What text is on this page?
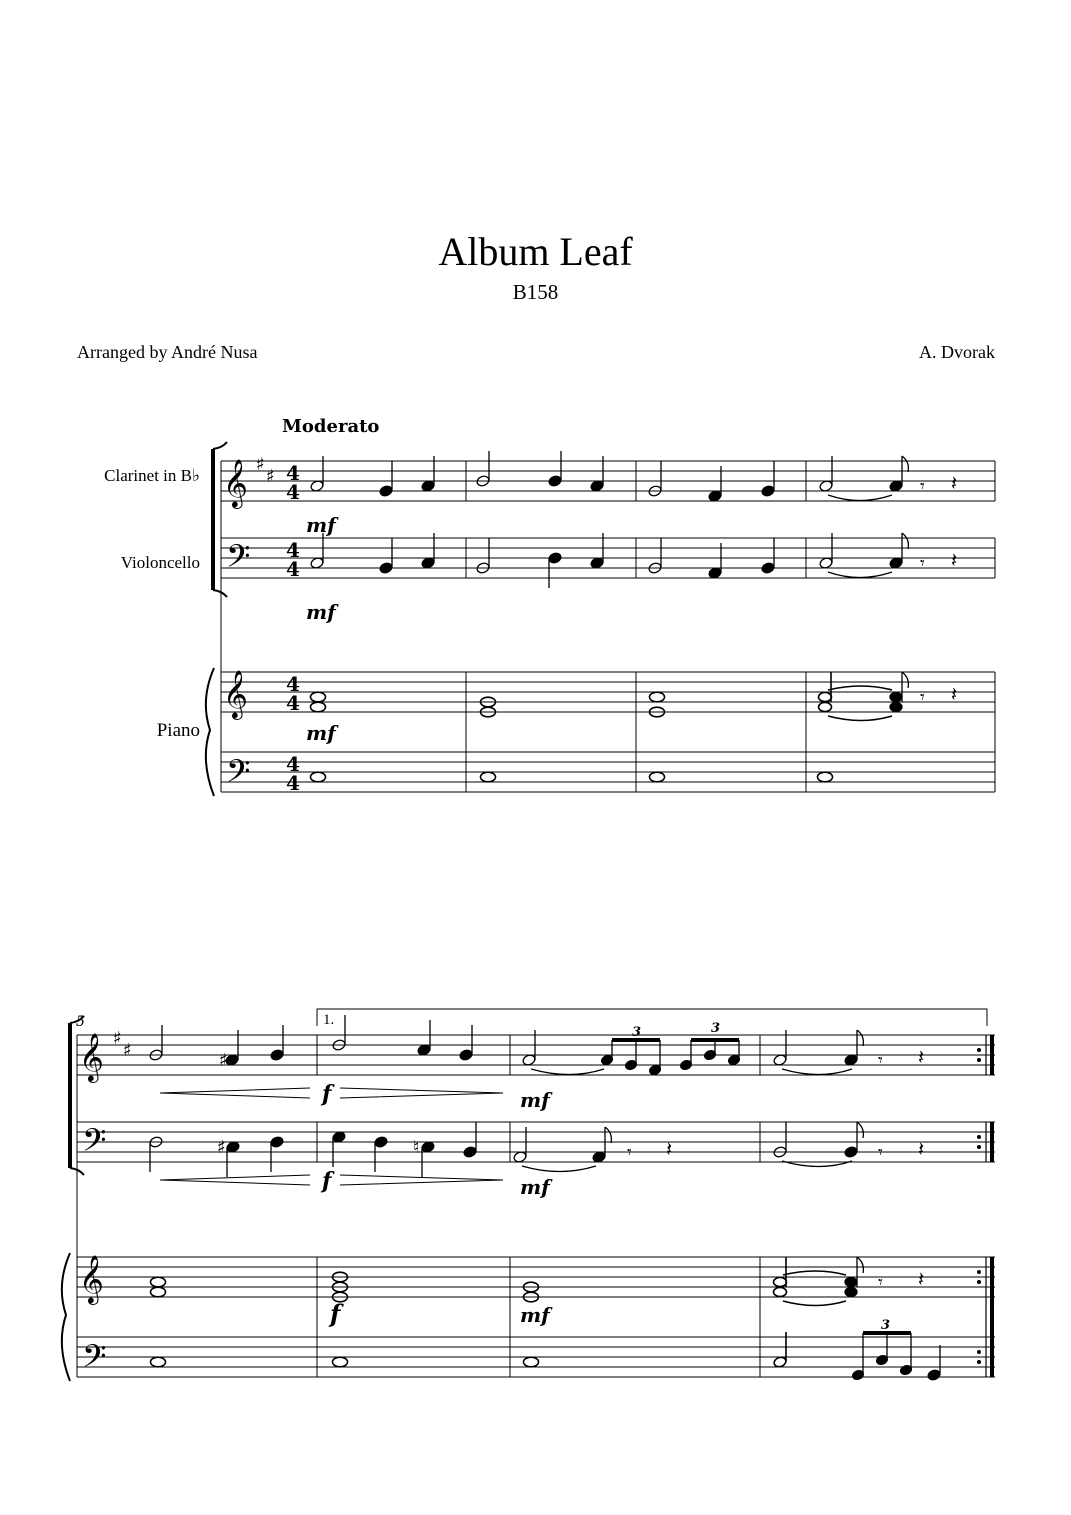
Album Leaf
B158
Arranged by André Nusa	A. Dvorak
Moderato
Clarinet in B♭
Violoncello
Piano
𝄞
𝄢
𝄞
𝄢
♯
♯ 4
4
4
4
4
4
4
4
mf
mf
mf
𝄾 𝄽
𝄾 𝄽
𝄾 𝄽
5	1.
𝄞
𝄢
𝄞
𝄢
♯
♯
f	mf
f	mf
f	mf
♯
3	3
𝄾 𝄽
♯	♮	𝄾 𝄽	𝄾 𝄽
3
𝄾 𝄽
